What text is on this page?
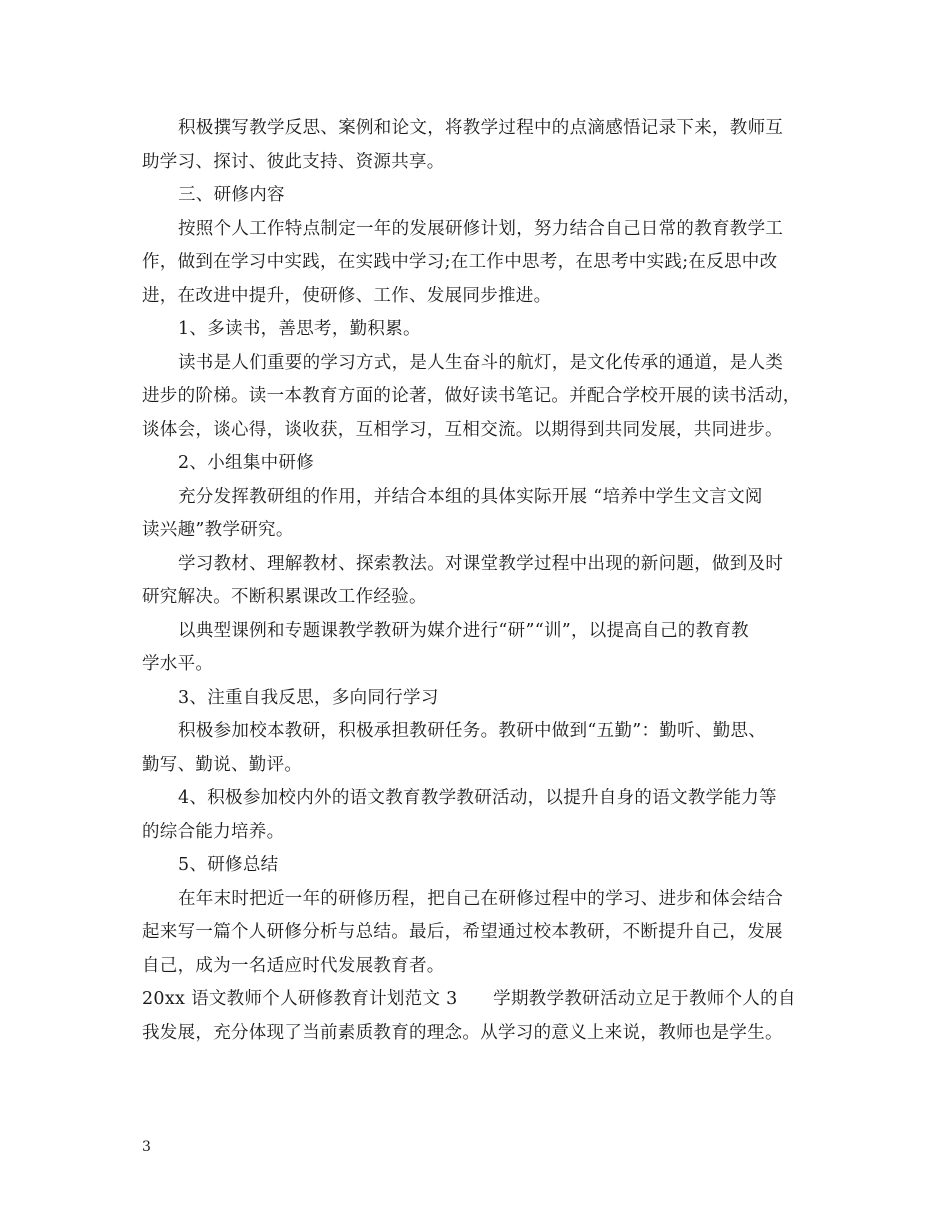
积极撰写教学反思、案例和论文，将教学过程中的点滴感悟记录下来，教师互
助学习、探讨、彼此支持、资源共享。
三、研修内容
按照个人工作特点制定一年的发展研修计划，努力结合自己日常的教育教学工
作，做到在学习中实践，在实践中学习;在工作中思考，在思考中实践;在反思中改
进，在改进中提升，使研修、工作、发展同步推进。
1、多读书，善思考，勤积累。
读书是人们重要的学习方式，是人生奋斗的航灯，是文化传承的通道，是人类
进步的阶梯。读一本教育方面的论著，做好读书笔记。并配合学校开展的读书活动，
谈体会，谈心得，谈收获，互相学习，互相交流。以期得到共同发展，共同进步。
2、小组集中研修
充分发挥教研组的作用，并结合本组的具体实际开展 “培养中学生文言文阅
读兴趣”教学研究。
学习教材、理解教材、探索教法。对课堂教学过程中出现的新问题，做到及时
研究解决。不断积累课改工作经验。
以典型课例和专题课教学教研为媒介进行“研”“训”，以提高自己的教育教
学水平。
3、注重自我反思，多向同行学习
积极参加校本教研，积极承担教研任务。教研中做到“五勤”：勤听、勤思、
勤写、勤说、勤评。
4、积极参加校内外的语文教育教学教研活动，以提升自身的语文教学能力等
的综合能力培养。
5、研修总结
在年末时把近一年的研修历程，把自己在研修过程中的学习、进步和体会结合
起来写一篇个人研修分析与总结。最后，希望通过校本教研，不断提升自己，发展
自己，成为一名适应时代发展教育者。
20xx 语文教师个人研修教育计划范文 3　　学期教学教研活动立足于教师个人的自
我发展，充分体现了当前素质教育的理念。从学习的意义上来说，教师也是学生。
3
